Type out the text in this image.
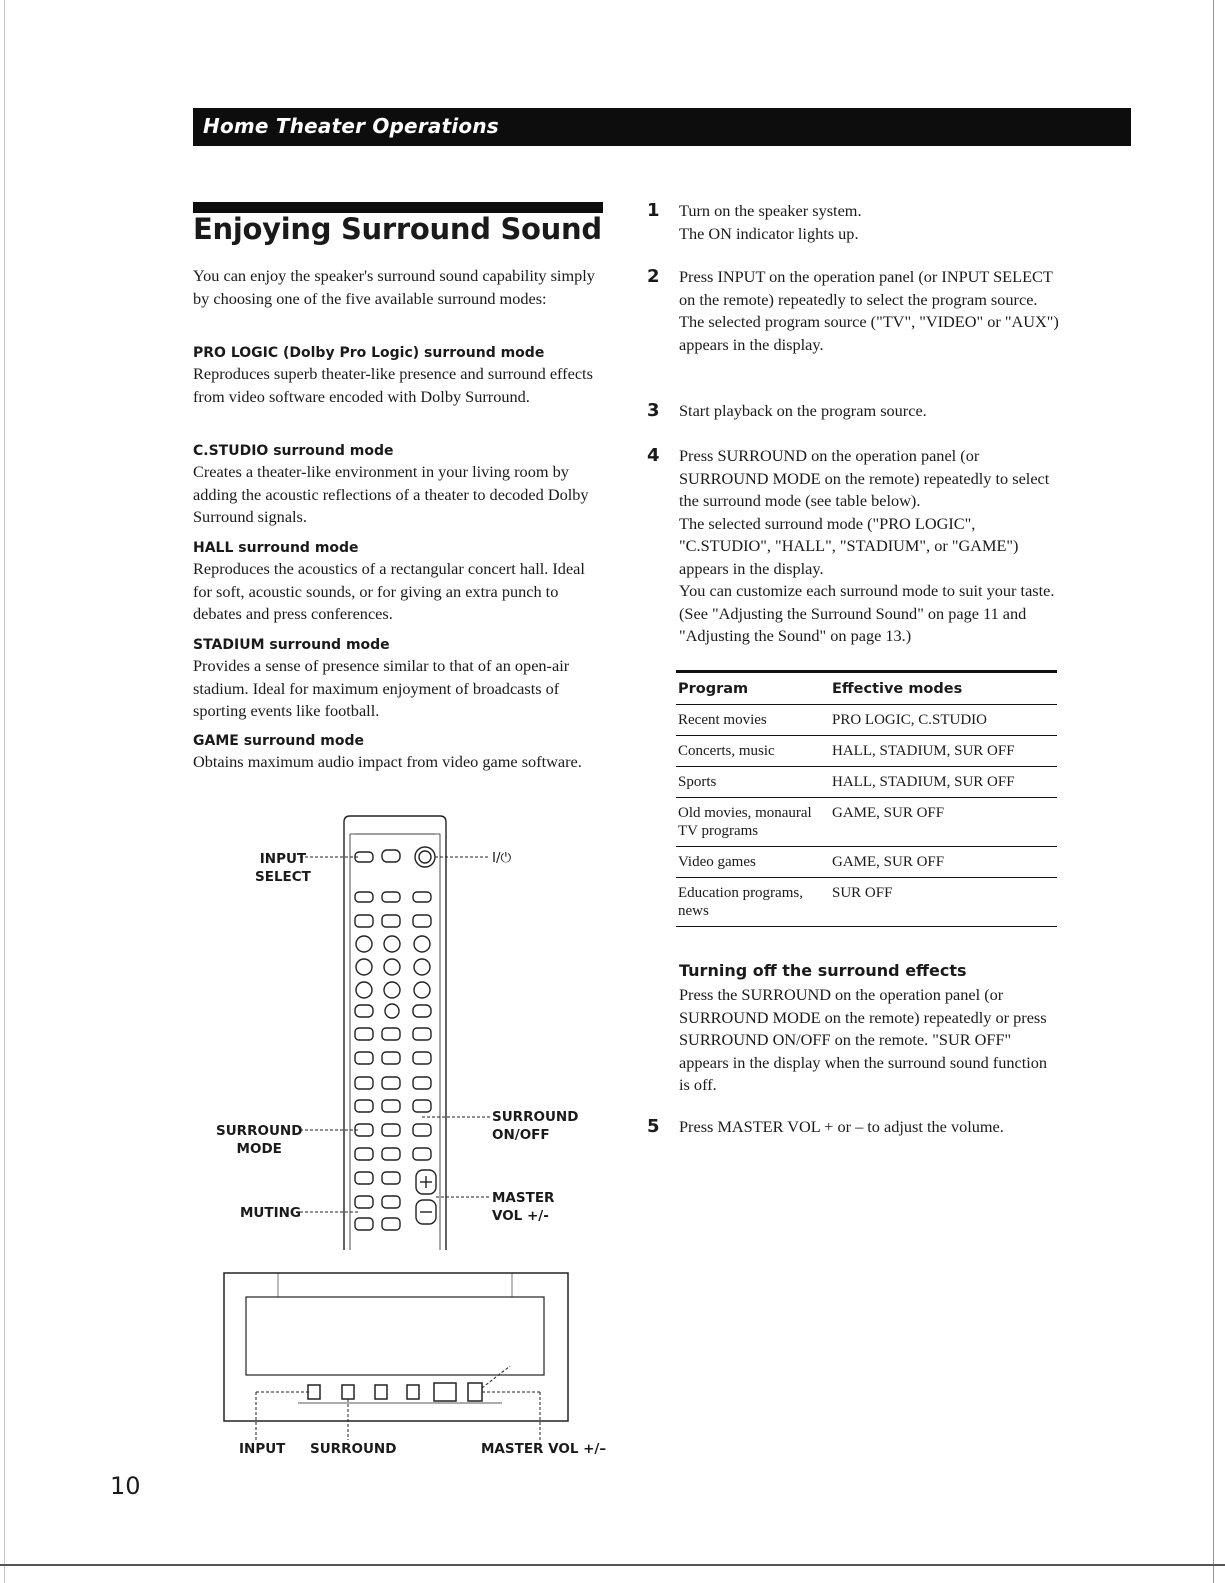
Home Theater Operations
Enjoying Surround Sound

You can enjoy the speaker's surround sound capability simply by choosing one of the five available surround modes:

PRO LOGIC (Dolby Pro Logic) surround mode

Reproduces superb theater-like presence and surround effects from video software encoded with Dolby Surround.

C.STUDIO surround mode

Creates a theater-like environment in your living room by adding the acoustic reflections of a theater to decoded Dolby Surround signals.

HALL surround mode

Reproduces the acoustics of a rectangular concert hall. Ideal for soft, acoustic sounds, or for giving an extra punch to debates and press conferences.

STADIUM surround mode

Provides a sense of presence similar to that of an open-air stadium. Ideal for maximum enjoyment of broadcasts of sporting events like football.

GAME surround mode

Obtains maximum audio impact from video game software.

INPUT
SELECT
I/⏻
SURROUND
MODE
SURROUND
ON/OFF
MUTING
MASTER
VOL +/-
INPUT SURROUND	MASTER VOL +/–
1 Turn on the speaker system.

The ON indicator lights up.

2 Press INPUT on the operation panel (or INPUT SELECT on the remote) repeatedly to select the program source.

The selected program source ("TV", "VIDEO" or "AUX") appears in the display.

3 Start playback on the program source.

4 Press SURROUND on the operation panel (or SURROUND MODE on the remote) repeatedly to select the surround mode (see table below).

The selected surround mode ("PRO LOGIC", "C.STUDIO", "HALL", "STADIUM", or "GAME") appears in the display.

You can customize each surround mode to suit your taste. (See "Adjusting the Surround Sound" on page 11 and "Adjusting the Sound" on page 13.)

Program	Effective modes
Recent movies	PRO LOGIC, C.STUDIO
Concerts, music	HALL, STADIUM, SUR OFF
Sports	HALL, STADIUM, SUR OFF
Old movies, monaural TV programs	GAME, SUR OFF
Video games	GAME, SUR OFF
Education programs, news	SUR OFF
Turning off the surround effects

Press the SURROUND on the operation panel (or SURROUND MODE on the remote) repeatedly or press SURROUND ON/OFF on the remote. "SUR OFF" appears in the display when the surround sound function is off.

5 Press MASTER VOL + or – to adjust the volume.

10
